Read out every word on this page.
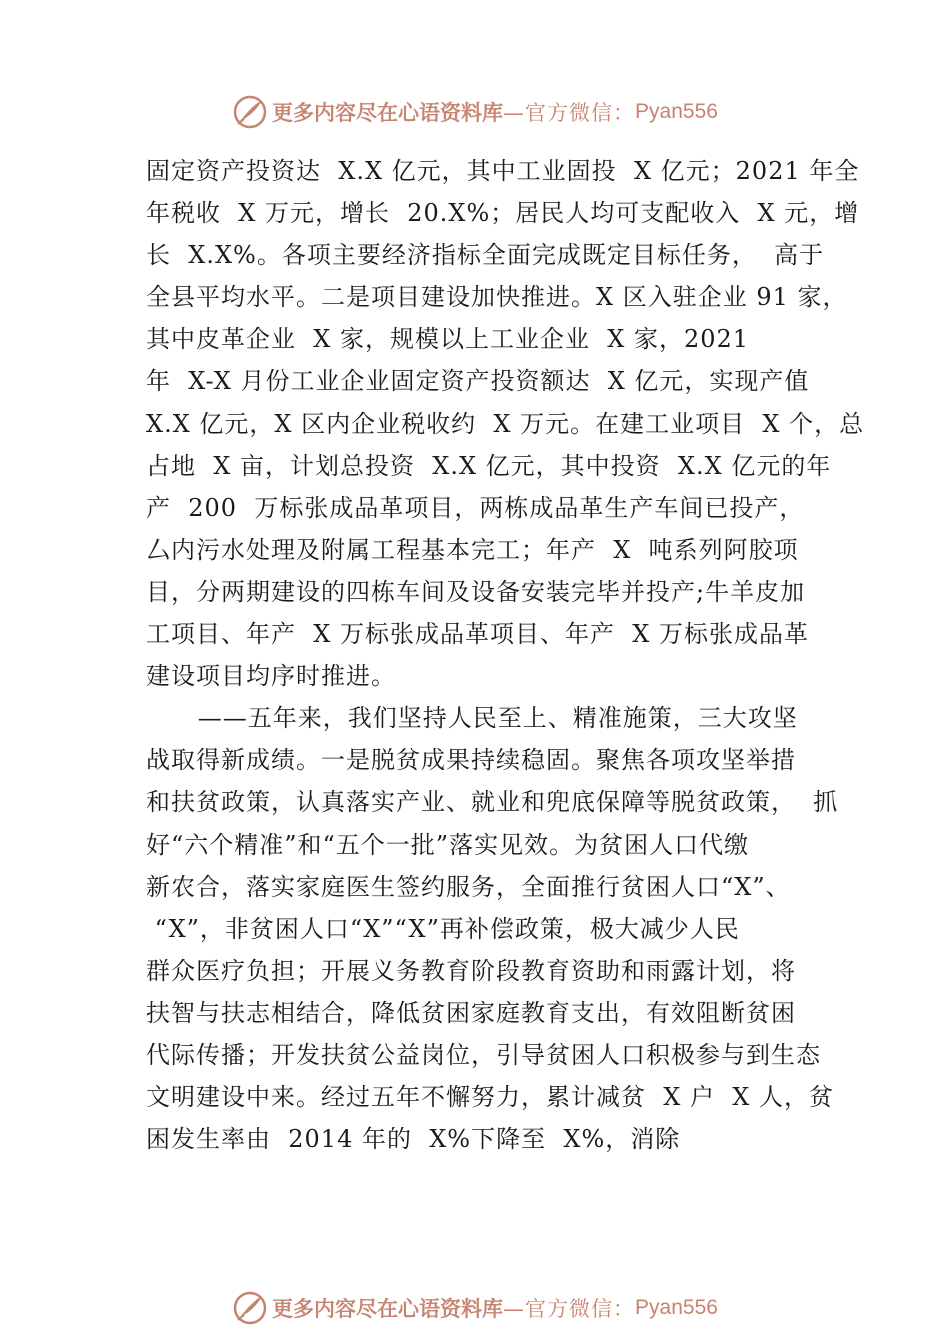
更多内容尽在心语资料库 —官方微信： Pyan556
固定资产投资达  X.X 亿元，其中工业固投  X 亿元；2021 年全
年税收  X 万元，增长  20.X%；居民人均可支配收入  X 元，增
长  X.X%。各项主要经济指标全面完成既定目标任务，  高于
全县平均水平。二是项目建设加快推进。X 区入驻企业 91 家，
其中皮革企业  X 家，规模以上工业企业  X 家，2021
年  X-X 月份工业企业固定资产投资额达  X 亿元，实现产值
X.X 亿元，X 区内企业税收约  X 万元。在建工业项目  X 个，总
占地  X 亩，计划总投资  X.X 亿元，其中投资  X.X 亿元的年
产  200  万标张成品革项目，两栋成品革生产车间已投产，
厶内污水处理及附属工程基本完工；年产  X  吨系列阿胶项
目，分两期建设的四栋车间及设备安装完毕并投产;牛羊皮加
工项目、年产  X 万标张成品革项目、年产  X 万标张成品革
建设项目均序时推进。
——五年来，我们坚持人民至上、精准施策，三大攻坚
战取得新成绩。一是脱贫成果持续稳固。聚焦各项攻坚举措
和扶贫政策，认真落实产业、就业和兜底保障等脱贫政策，  抓
好“六个精准”和“五个一批”落实见效。为贫困人口代缴
新农合，落实家庭医生签约服务，全面推行贫困人口“X”、
“X”，非贫困人口“X”“X”再补偿政策，极大减少人民
群众医疗负担；开展义务教育阶段教育资助和雨露计划，将
扶智与扶志相结合，降低贫困家庭教育支出，有效阻断贫困
代际传播；开发扶贫公益岗位，引导贫困人口积极参与到生态
文明建设中来。经过五年不懈努力，累计减贫  X 户  X 人，贫
困发生率由  2014 年的  X%下降至  X%，消除
更多内容尽在心语资料库 —官方微信： Pyan556
